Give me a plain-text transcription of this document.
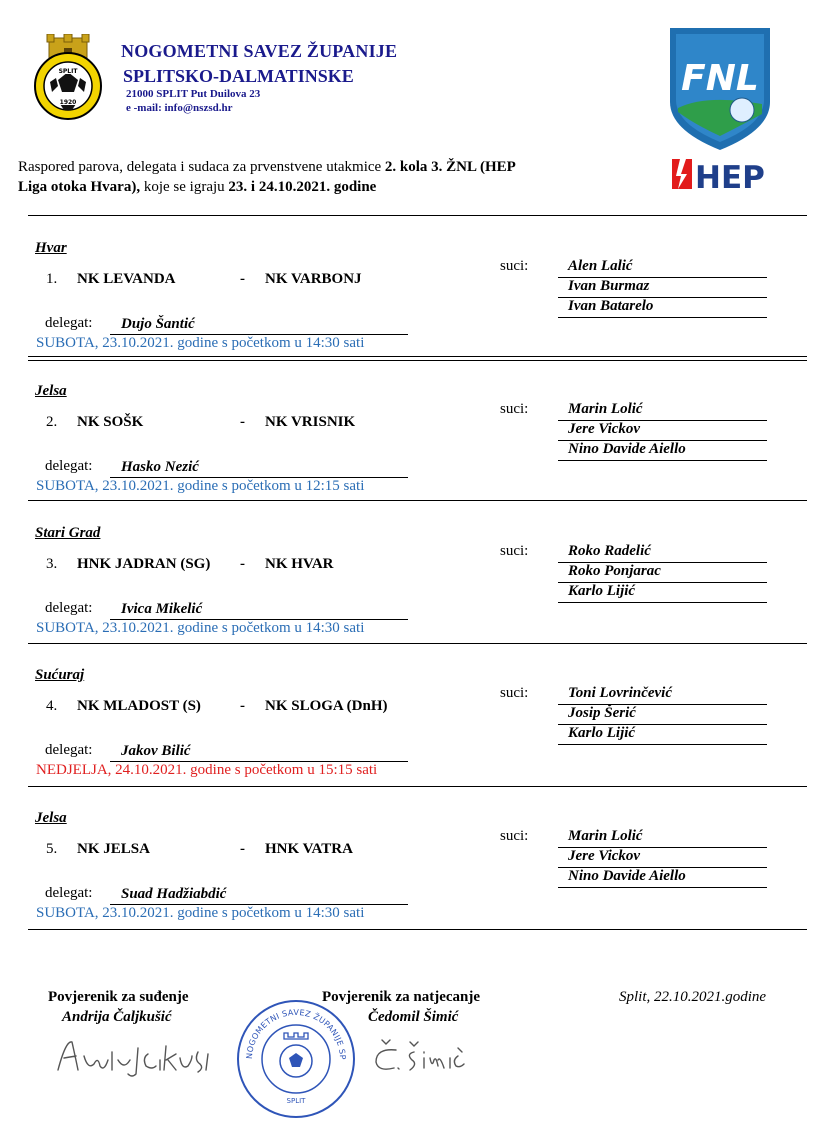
SPLIT
1920
NOGOMETNI SAVEZ ŽUPANIJE
SPLITSKO-DALMATINSKE
21000 SPLIT Put Duilova 23
e -mail: info@nszsd.hr
FNL
HEP
Raspored parova, delegata i sudaca za prvenstvene utakmice 2. kola 3. ŽNL (HEP
Liga otoka Hvara), koje se igraju 23. i 24.10.2021. godine
Hvar
1. NK LEVANDA	- NK VARBONJ
suci:	Alen Lalić
Ivan Burmaz
Ivan Batarelo
delegat: Dujo Šantić
SUBOTA, 23.10.2021. godine s početkom u 14:30 sati
Jelsa
2. NK SOŠK	- NK VRISNIK
suci:	Marin Lolić
Jere Vickov
Nino Davide Aiello
delegat: Hasko Nezić
SUBOTA, 23.10.2021. godine s početkom u 12:15 sati
Stari Grad
3. HNK JADRAN (SG) - NK HVAR
suci:	Roko Radelić
Roko Ponjarac
Karlo Lijić
delegat: Ivica Mikelić
SUBOTA, 23.10.2021. godine s početkom u 14:30 sati
Sućuraj
4. NK MLADOST (S)	- NK SLOGA (DnH)
suci:	Toni Lovrinčević
Josip Šerić
Karlo Lijić
delegat: Jakov Bilić
NEDJELJA, 24.10.2021. godine s početkom u 15:15 sati
Jelsa
5. NK JELSA	- HNK VATRA
suci:	Marin Lolić
Jere Vickov
Nino Davide Aiello
delegat: Suad Hadžiabdić
SUBOTA, 23.10.2021. godine s početkom u 14:30 sati
Povjerenik za suđenje
Andrija Čaljkušić
Povjerenik za natjecanje
Čedomil Šimić
Split, 22.10.2021.godine
NOGOMETNI SAVEZ ŽUPANIJE SP
SPLIT
